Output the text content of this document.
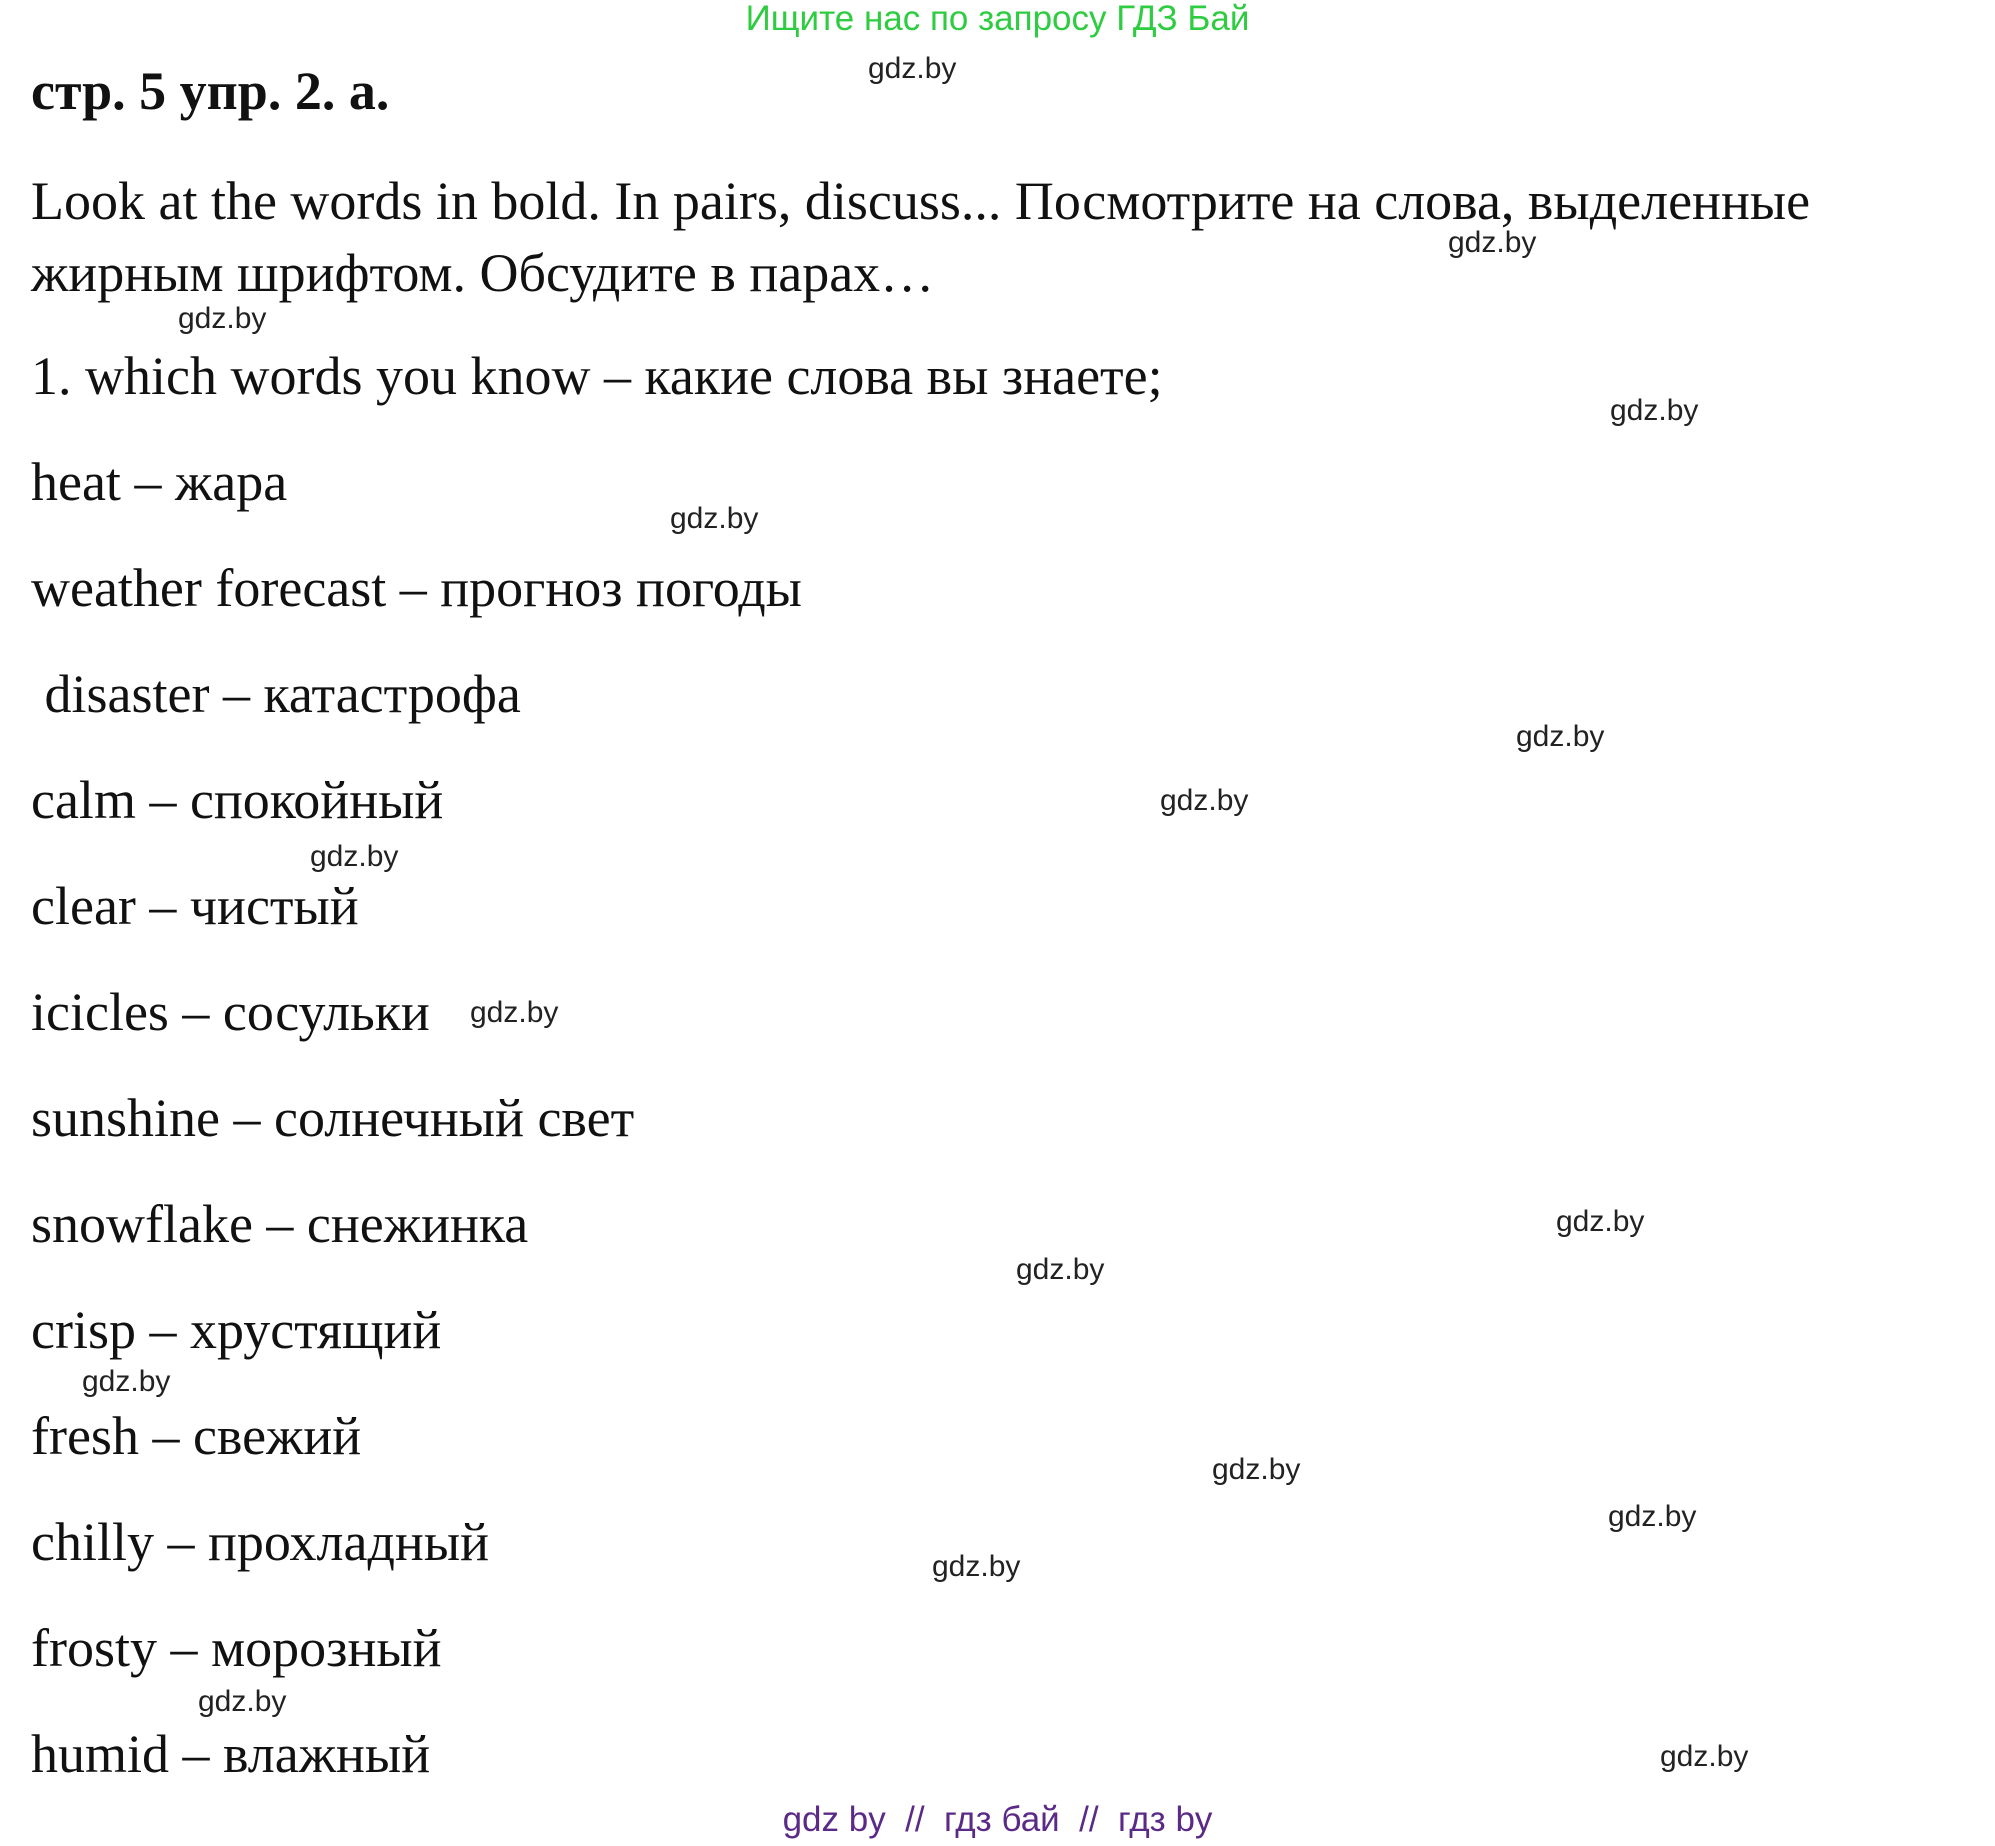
Ищите нас по запросу ГДЗ Бай
стр. 5 упр. 2. a.
Look at the words in bold. In pairs, discuss... Посмотрите на слова, выделенные жирным шрифтом. Обсудите в парах…
1. which words you know – какие слова вы знаете;
heat – жара
weather forecast – прогноз погоды
disaster – катастрофа
calm – спокойный
clear – чистый
icicles – сосульки
sunshine – солнечный свет
snowflake – снежинка
crisp – хрустящий
fresh – свежий
chilly – прохладный
frosty – морозный
humid – влажный
gdz.by
gdz.by
gdz.by
gdz.by
gdz.by
gdz.by
gdz.by
gdz.by
gdz.by
gdz.by
gdz.by
gdz.by
gdz.by
gdz.by
gdz.by
gdz.by
gdz by  //  гдз бай  //  гдз by
gdz.by
